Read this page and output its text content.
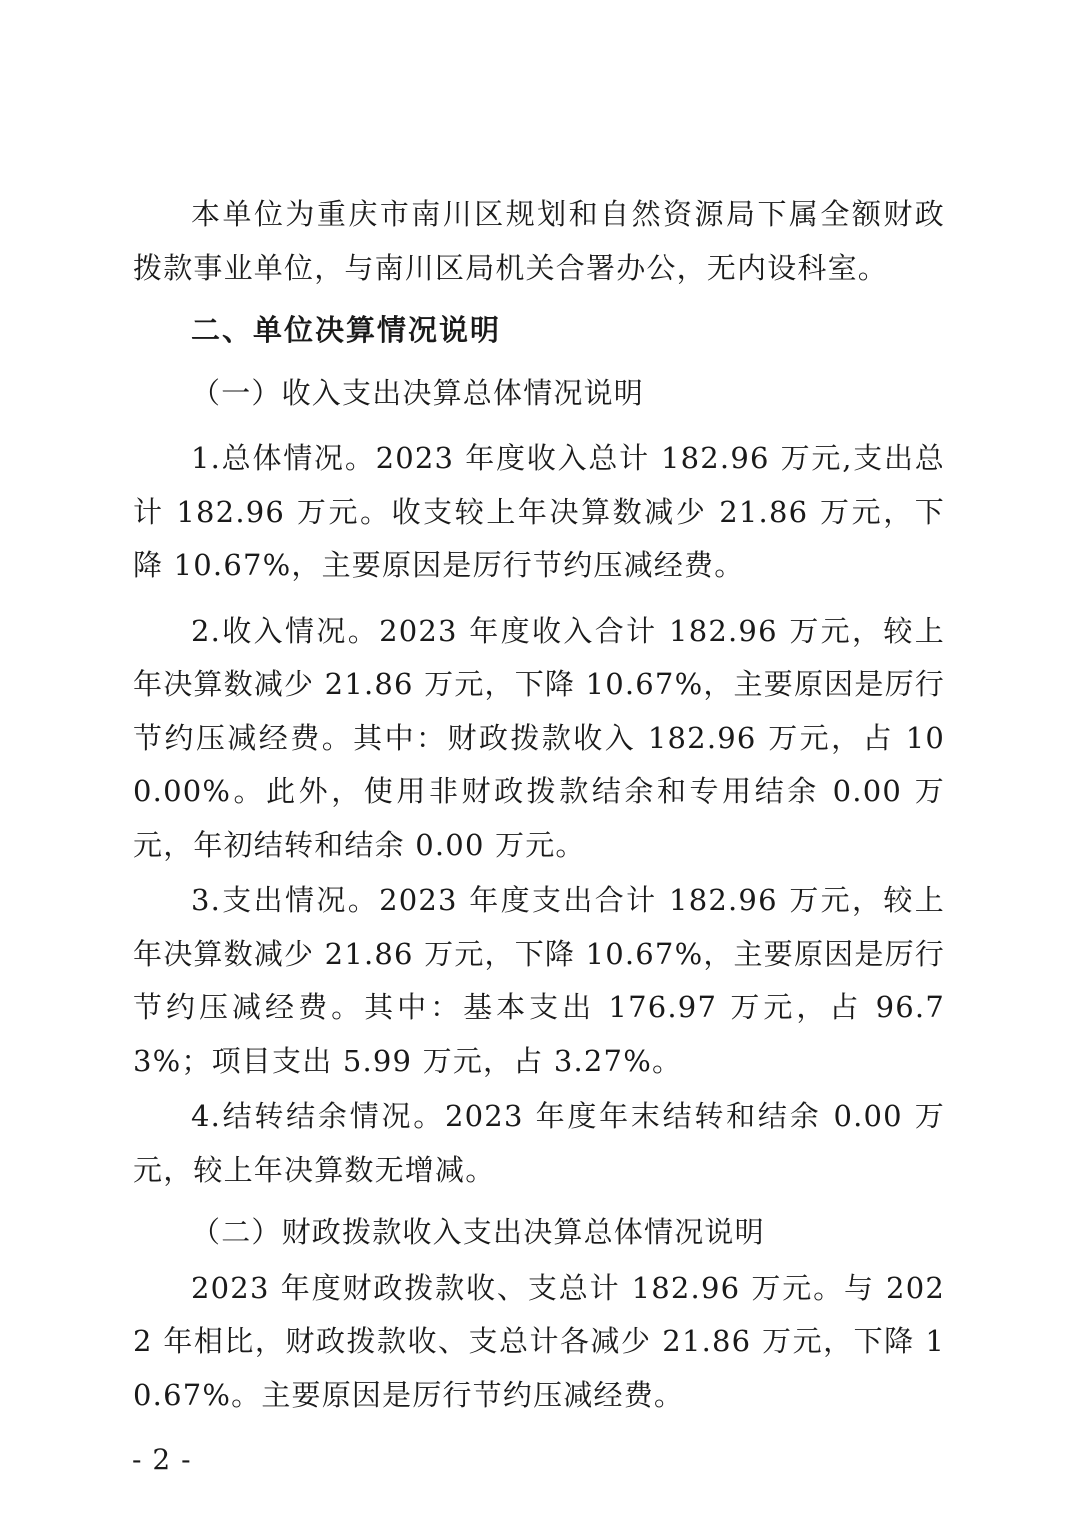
本单位为重庆市南川区规划和自然资源局下属全额财政拨款事业单位，与南川区局机关合署办公，无内设科室。

二、单位决算情况说明

（一）收入支出决算总体情况说明

1.总体情况。2023 年度收入总计 182.96 万元,支出总计 182.96 万元。收支较上年决算数减少 21.86 万元，下降 10.67%，主要原因是厉行节约压减经费。

2.收入情况。2023 年度收入合计 182.96 万元，较上年决算数减少 21.86 万元，下降 10.67%，主要原因是厉行节约压减经费。其中：财政拨款收入 182.96 万元，占 100.00%。此外，使用非财政拨款结余和专用结余 0.00 万元，年初结转和结余 0.00 万元。

3.支出情况。2023 年度支出合计 182.96 万元，较上年决算数减少 21.86 万元，下降 10.67%，主要原因是厉行节约压减经费。其中：基本支出 176.97 万元，占 96.73%；项目支出 5.99 万元，占 3.27%。

4.结转结余情况。2023 年度年末结转和结余 0.00 万元，较上年决算数无增减。

（二）财政拨款收入支出决算总体情况说明

2023 年度财政拨款收、支总计 182.96 万元。与 2022 年相比，财政拨款收、支总计各减少 21.86 万元，下降 10.67%。主要原因是厉行节约压减经费。

- 2 -
